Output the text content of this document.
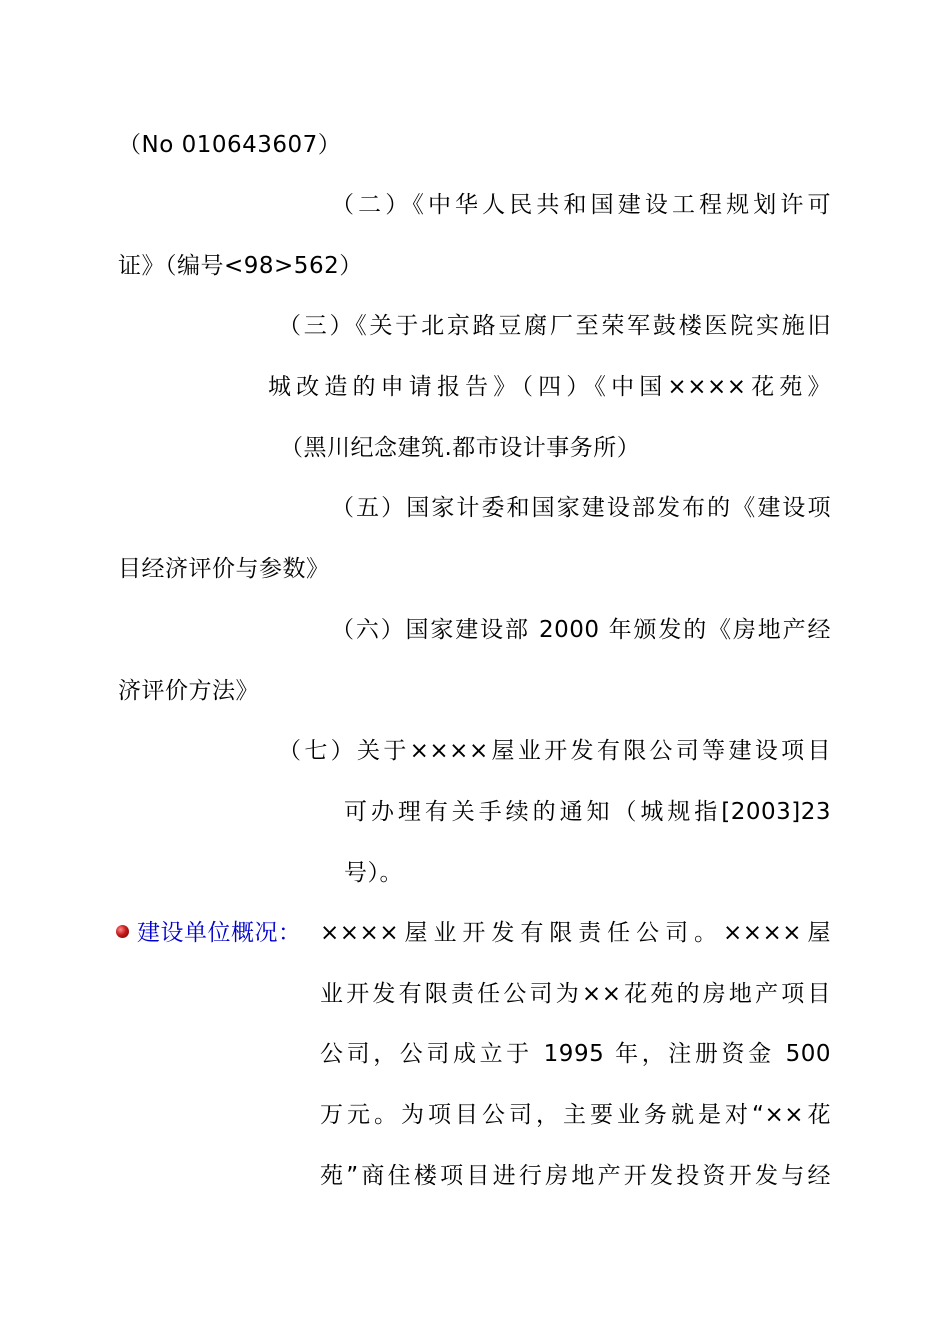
（No 010643607）
（二）《中华人民共和国建设工程规划许可
证》（编号<98>562）
（三）《关于北京路豆腐厂至荣军鼓楼医院实施旧
城改造的申请报告》（四）《中国××××花苑》
（黑川纪念建筑.都市设计事务所）
（五）国家计委和国家建设部发布的《建设项
目经济评价与参数》
（六）国家建设部 2000 年颁发的《房地产经
济评价方法》
（七）关于××××屋业开发有限公司等建设项目
可办理有关手续的通知（城规指[2003]23
号）。
建设单位概况： ××××屋业开发有限责任公司。××××屋
业开发有限责任公司为××花苑的房地产项目
公司，公司成立于 1995 年，注册资金 500
万元。为项目公司，主要业务就是对“××花
苑”商住楼项目进行房地产开发投资开发与经
